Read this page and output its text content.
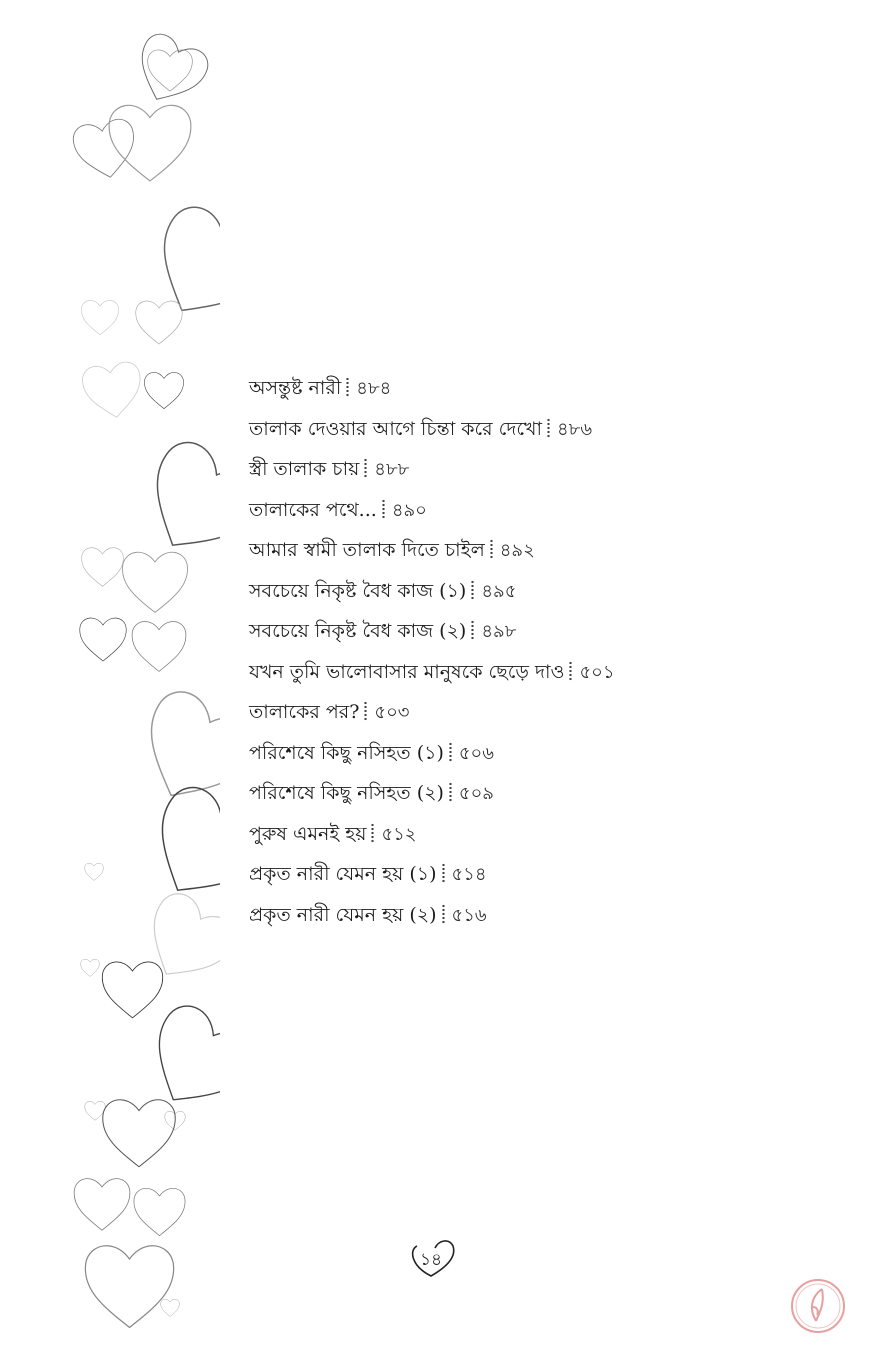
অসন্তুষ্ট নারী ৪৮৪
তালাক দেওয়ার আগে চিন্তা করে দেখো ৪৮৬
স্ত্রী তালাক চায় ৪৮৮
তালাকের পথে... ৪৯০
আমার স্বামী তালাক দিতে চাইল ৪৯২
সবচেয়ে নিকৃষ্ট বৈধ কাজ (১) ৪৯৫
সবচেয়ে নিকৃষ্ট বৈধ কাজ (২) ৪৯৮
যখন তুমি ভালোবাসার মানুষকে ছেড়ে দাও ৫০১
তালাকের পর? ৫০৩
পরিশেষে কিছু নসিহত (১) ৫০৬
পরিশেষে কিছু নসিহত (২) ৫০৯
পুরুষ এমনই হয় ৫১২
প্রকৃত নারী যেমন হয় (১) ৫১৪
প্রকৃত নারী যেমন হয় (২) ৫১৬
১৪
